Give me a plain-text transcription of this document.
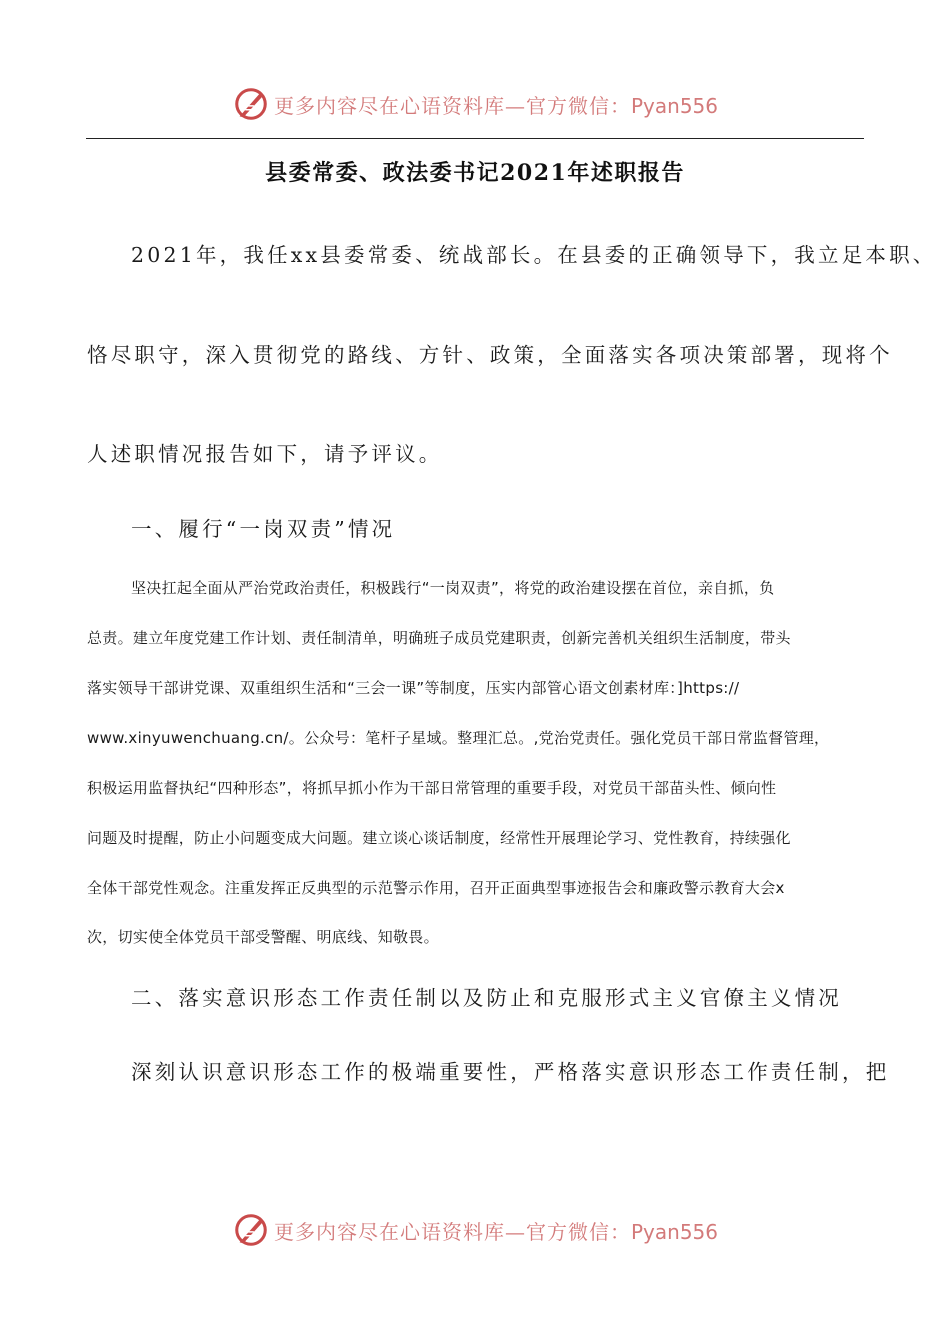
更多内容尽在心语资料库—官方微信：Pyan556
县委常委、政法委书记2021年述职报告
2021年，我任xx县委常委、统战部长。在县委的正确领导下，我立足本职、
恪尽职守，深入贯彻党的路线、方针、政策，全面落实各项决策部署，现将个
人述职情况报告如下，请予评议。
一、履行“一岗双责”情况
坚决扛起全面从严治党政治责任，积极践行“一岗双责”，将党的政治建设摆在首位，亲自抓，负
总责。建立年度党建工作计划、责任制清单，明确班子成员党建职责，创新完善机关组织生活制度，带头
落实领导干部讲党课、双重组织生活和“三会一课”等制度，压实内部管心语文创素材库：]https://
www.xinyuwenchuang.cn/。公众号：笔杆子星域。整理汇总。,党治党责任。强化党员干部日常监督管理，
积极运用监督执纪“四种形态”，将抓早抓小作为干部日常管理的重要手段，对党员干部苗头性、倾向性
问题及时提醒，防止小问题变成大问题。建立谈心谈话制度，经常性开展理论学习、党性教育，持续强化
全体干部党性观念。注重发挥正反典型的示范警示作用，召开正面典型事迹报告会和廉政警示教育大会x
次，切实使全体党员干部受警醒、明底线、知敬畏。
二、落实意识形态工作责任制以及防止和克服形式主义官僚主义情况
深刻认识意识形态工作的极端重要性，严格落实意识形态工作责任制，把
更多内容尽在心语资料库—官方微信：Pyan556
